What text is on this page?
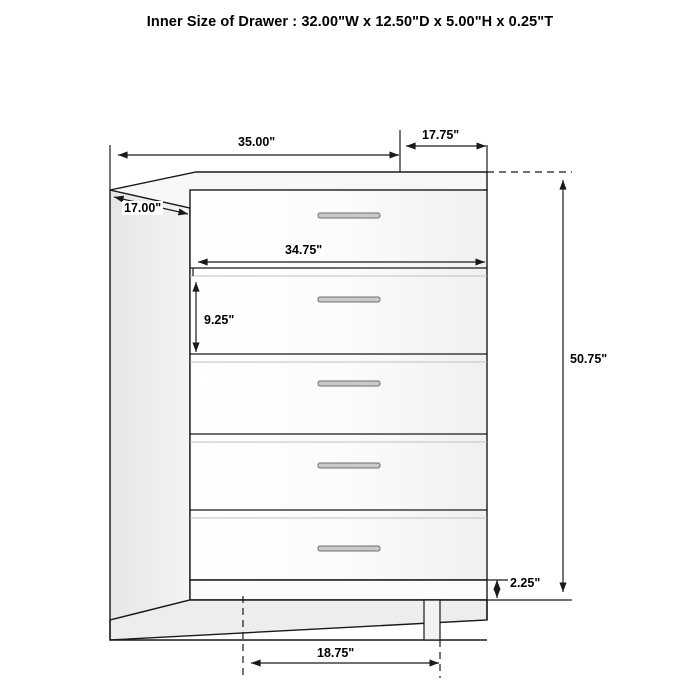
Inner Size of Drawer : 32.00"W x 12.50"D x 5.00"H x 0.25"T
35.00"	17.75"
17.00"
34.75"
9.25"
50.75"
2.25"
18.75"
